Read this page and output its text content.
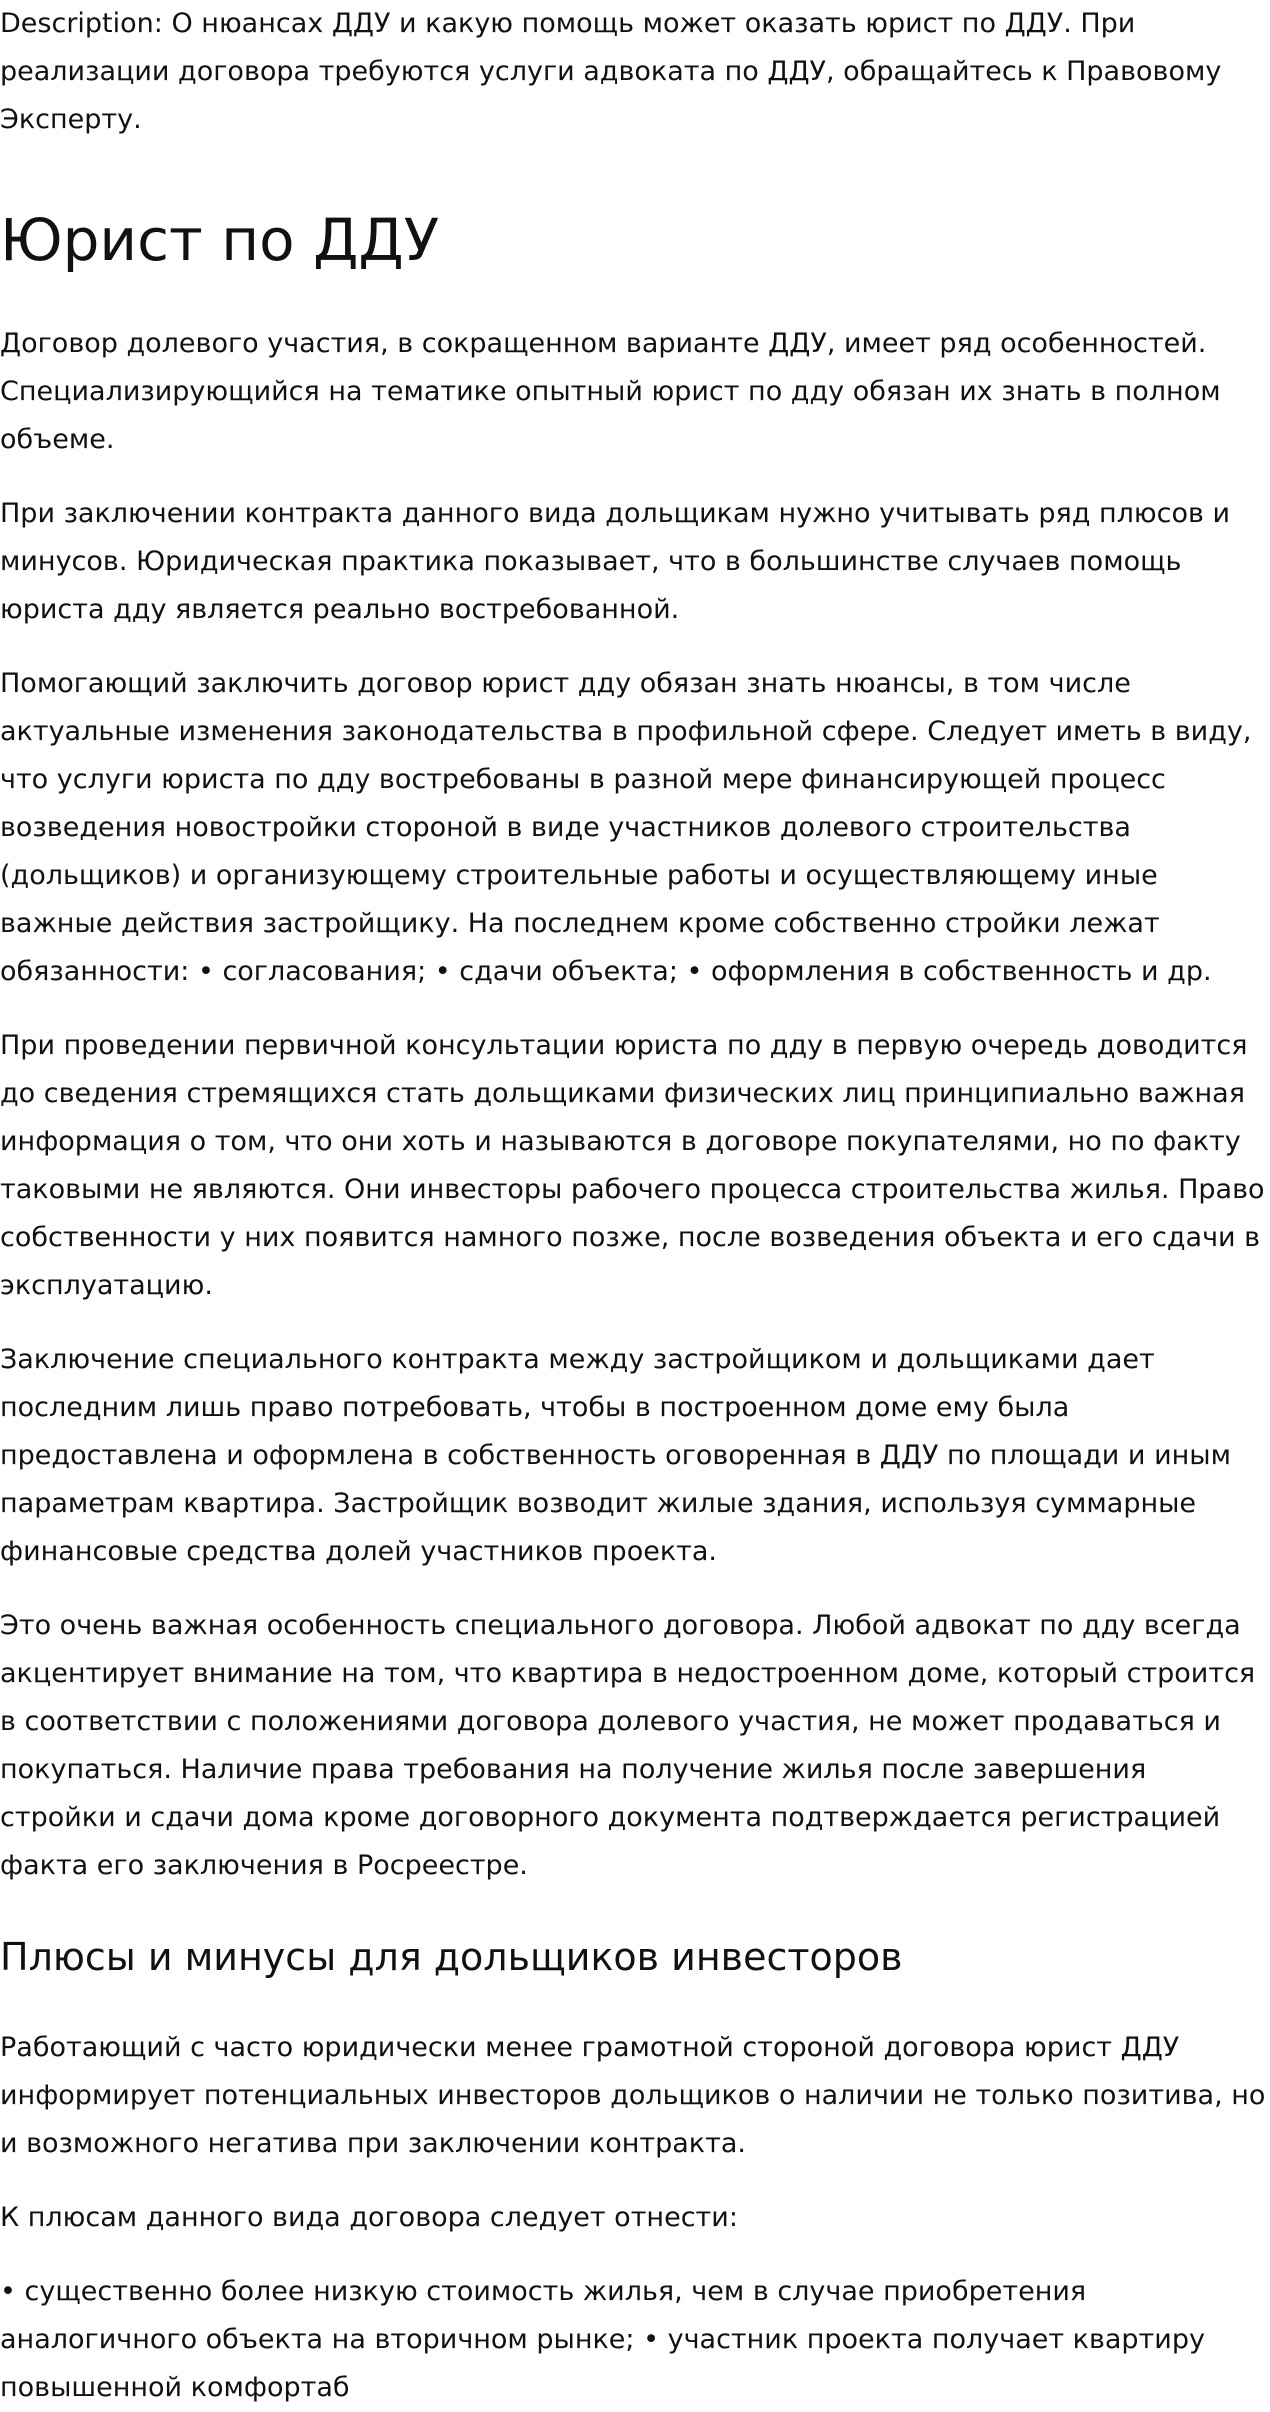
Description: О нюансах ДДУ и какую помощь может оказать юрист по ДДУ. При реализации договора требуются услуги адвоката по ДДУ, обращайтесь к Правовому Эксперту.

Юрист по ДДУ

Договор долевого участия, в сокращенном варианте ДДУ, имеет ряд особенностей. Специализирующийся на тематике опытный юрист по дду обязан их знать в полном объеме.

При заключении контракта данного вида дольщикам нужно учитывать ряд плюсов и минусов. Юридическая практика показывает, что в большинстве случаев помощь юриста дду является реально востребованной.

Помогающий заключить договор юрист дду обязан знать нюансы, в том числе актуальные изменения законодательства в профильной сфере. Следует иметь в виду, что услуги юриста по дду востребованы в разной мере финансирующей процесс возведения новостройки стороной в виде участников долевого строительства (дольщиков) и организующему строительные работы и осуществляющему иные важные действия застройщику. На последнем кроме собственно стройки лежат обязанности: • согласования; • сдачи объекта; • оформления в собственность и др.

При проведении первичной консультации юриста по дду в первую очередь доводится до сведения стремящихся стать дольщиками физических лиц принципиально важная информация о том, что они хоть и называются в договоре покупателями, но по факту таковыми не являются. Они инвесторы рабочего процесса строительства жилья. Право собственности у них появится намного позже, после возведения объекта и его сдачи в эксплуатацию.

Заключение специального контракта между застройщиком и дольщиками дает последним лишь право потребовать, чтобы в построенном доме ему была предоставлена и оформлена в собственность оговоренная в ДДУ по площади и иным параметрам квартира. Застройщик возводит жилые здания, используя суммарные финансовые средства долей участников проекта.

Это очень важная особенность специального договора. Любой адвокат по дду всегда акцентирует внимание на том, что квартира в недостроенном доме, который строится в соответствии с положениями договора долевого участия, не может продаваться и покупаться. Наличие права требования на получение жилья после завершения стройки и сдачи дома кроме договорного документа подтверждается регистрацией факта его заключения в Росреестре.

Плюсы и минусы для дольщиков инвесторов

Работающий с часто юридически менее грамотной стороной договора юрист ДДУ информирует потенциальных инвесторов дольщиков о наличии не только позитива, но и возможного негатива при заключении контракта.

К плюсам данного вида договора следует отнести:

• существенно более низкую стоимость жилья, чем в случае приобретения аналогичного объекта на вторичном рынке; • участник проекта получает квартиру повышенной комфортаб
